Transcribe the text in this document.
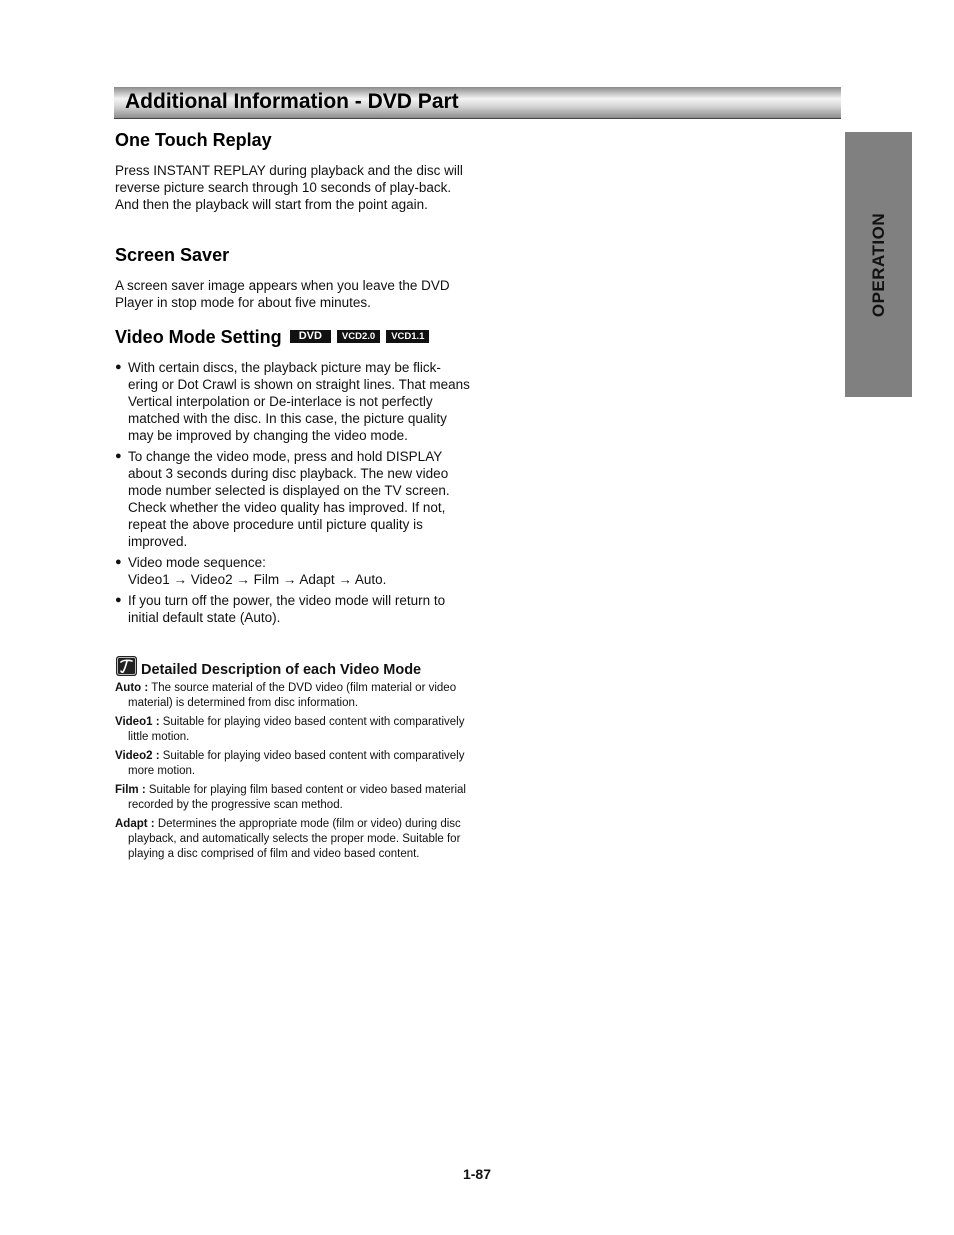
Additional Information - DVD Part
OPERATION
One Touch Replay

Press INSTANT REPLAY during playback and the disc will reverse picture search through 10 seconds of play-back. And then the playback will start from the point again.

Screen Saver

A screen saver image appears when you leave the DVD Player in stop mode for about five minutes.

Video Mode Setting DVD VCD2.0 VCD1.1
● With certain discs, the playback picture may be flick-ering or Dot Crawl is shown on straight lines. That means Vertical interpolation or De-interlace is not perfectly matched with the disc. In this case, the picture quality may be improved by changing the video mode.
● To change the video mode, press and hold DISPLAY about 3 seconds during disc playback. The new video mode number selected is displayed on the TV screen. Check whether the video quality has improved. If not, repeat the above procedure until picture quality is improved.
● Video mode sequence:
Video1 → Video2 → Film → Adapt → Auto.
● If you turn off the power, the video mode will return to initial default state (Auto).
Detailed Description of each Video Mode
Auto : The source material of the DVD video (film material or video material) is determined from disc information.
Video1 : Suitable for playing video based content with comparatively little motion.
Video2 : Suitable for playing video based content with comparatively more motion.
Film : Suitable for playing film based content or video based material recorded by the progressive scan method.
Adapt : Determines the appropriate mode (film or video) during disc playback, and automatically selects the proper mode. Suitable for playing a disc comprised of film and video based content.
1-87
